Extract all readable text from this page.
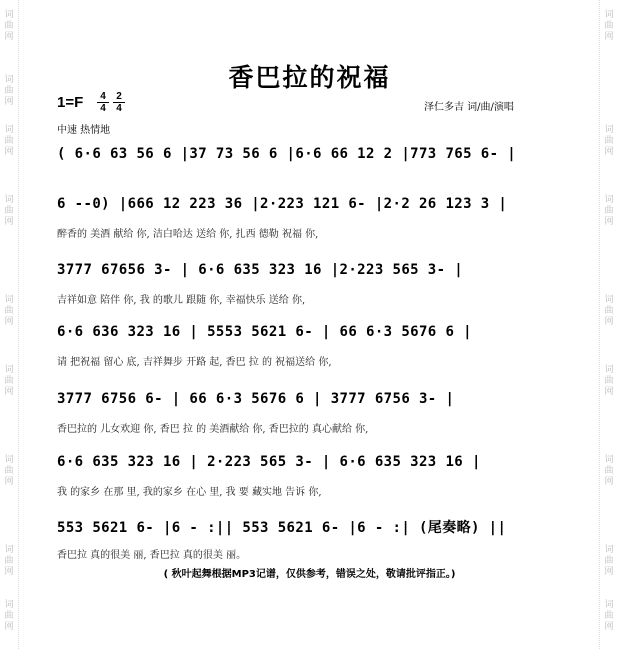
词
曲
网
词
曲
网
词
曲
网
词
曲
网
词
曲
网
词
曲
网
词
曲
网
词
曲
网
词
曲
网
词
曲
网
词
曲
网
词
曲
网
词
曲
网
词
曲
网
词
曲
网
词
曲
网
词
曲
网
香巴拉的祝福
1=F	4
4
2
4
中速 热情地
泽仁多吉 词/曲/演唱
( 6·6 63 56 6 |37 73 56 6 |6·6 66 12 2 |773 765 6- |
6 --0) |666 12 223 36 |2·223 121 6- |2·2 26 123 3 |
醉香的 美酒 献给 你, 洁白哈达 送给 你, 扎西 德勒 祝福 你,
3777 67656 3- | 6·6 635 323 16 |2·223 565 3- |
吉祥如意 陪伴 你, 我 的歌儿 跟随 你, 幸福快乐 送给 你,
6·6 636 323 16 | 5553 5621 6- | 66 6·3 5676 6 |
请 把祝福 留心 底, 吉祥舞步 开路 起, 香巴 拉 的 祝福送给 你,
3777 6756 6- | 66 6·3 5676 6 | 3777 6756 3- |
香巴拉的 儿女欢迎 你, 香巴 拉 的 美酒献给 你, 香巴拉的 真心献给 你,
6·6 635 323 16 | 2·223 565 3- | 6·6 635 323 16 |
我 的家乡 在那 里, 我的家乡 在心 里, 我 要 藏实地 告诉 你,
553 5621 6- |6 - :|| 553 5621 6- |6 - :| (尾奏略) ||
香巴拉 真的很美 丽, 香巴拉 真的很美 丽。
( 秋叶起舞根据MP3记谱，仅供参考，错误之处，敬请批评指正。)
